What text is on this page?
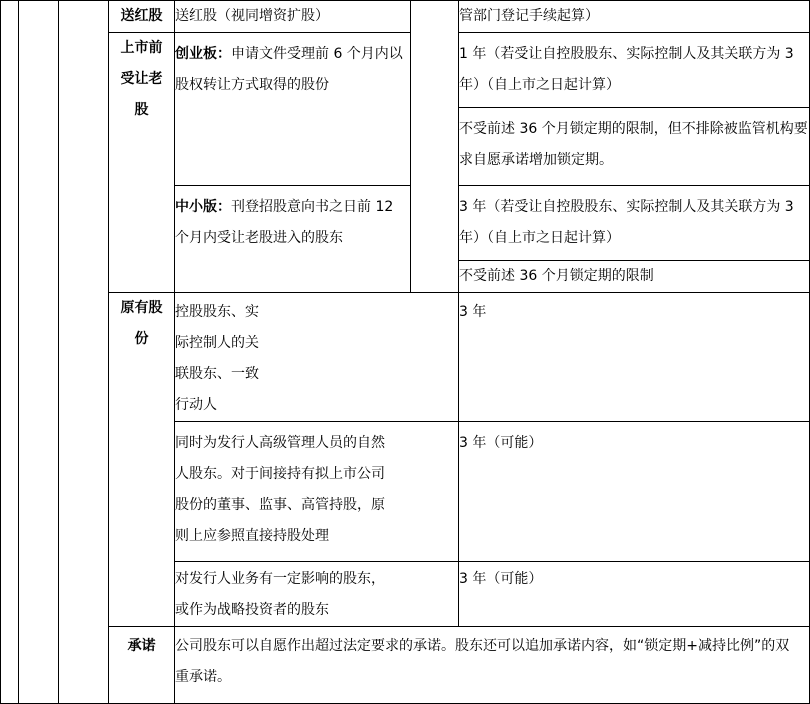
			送红股	送红股（视同增资扩股）		管部门登记手续起算）
			上市前
受让老
股	创业板：申请文件受理前 6 个月内以股权转让方式取得的股份		1 年（若受让自控股股东、实际控制人及其关联方为 3 年）（自上市之日起计算）
						不受前述 36 个月锁定期的限制，但不排除被监管机构要求自愿承诺增加锁定期。
				中小版：刊登招股意向书之日前 12 个月内受让老股进入的股东		3 年（若受让自控股股东、实际控制人及其关联方为 3 年）（自上市之日起计算）
						不受前述 36 个月锁定期的限制
			原有股
份	控股股东、实际控制人的关联股东、一致行动人		3 年
				同时为发行人高级管理人员的自然人股东。对于间接持有拟上市公司股份的董事、监事、高管持股，原则上应参照直接持股处理		3 年（可能）
				对发行人业务有一定影响的股东，或作为战略投资者的股东		3 年（可能）
			承诺	公司股东可以自愿作出超过法定要求的承诺。股东还可以追加承诺内容，如“锁定期+减持比例”的双重承诺。		
